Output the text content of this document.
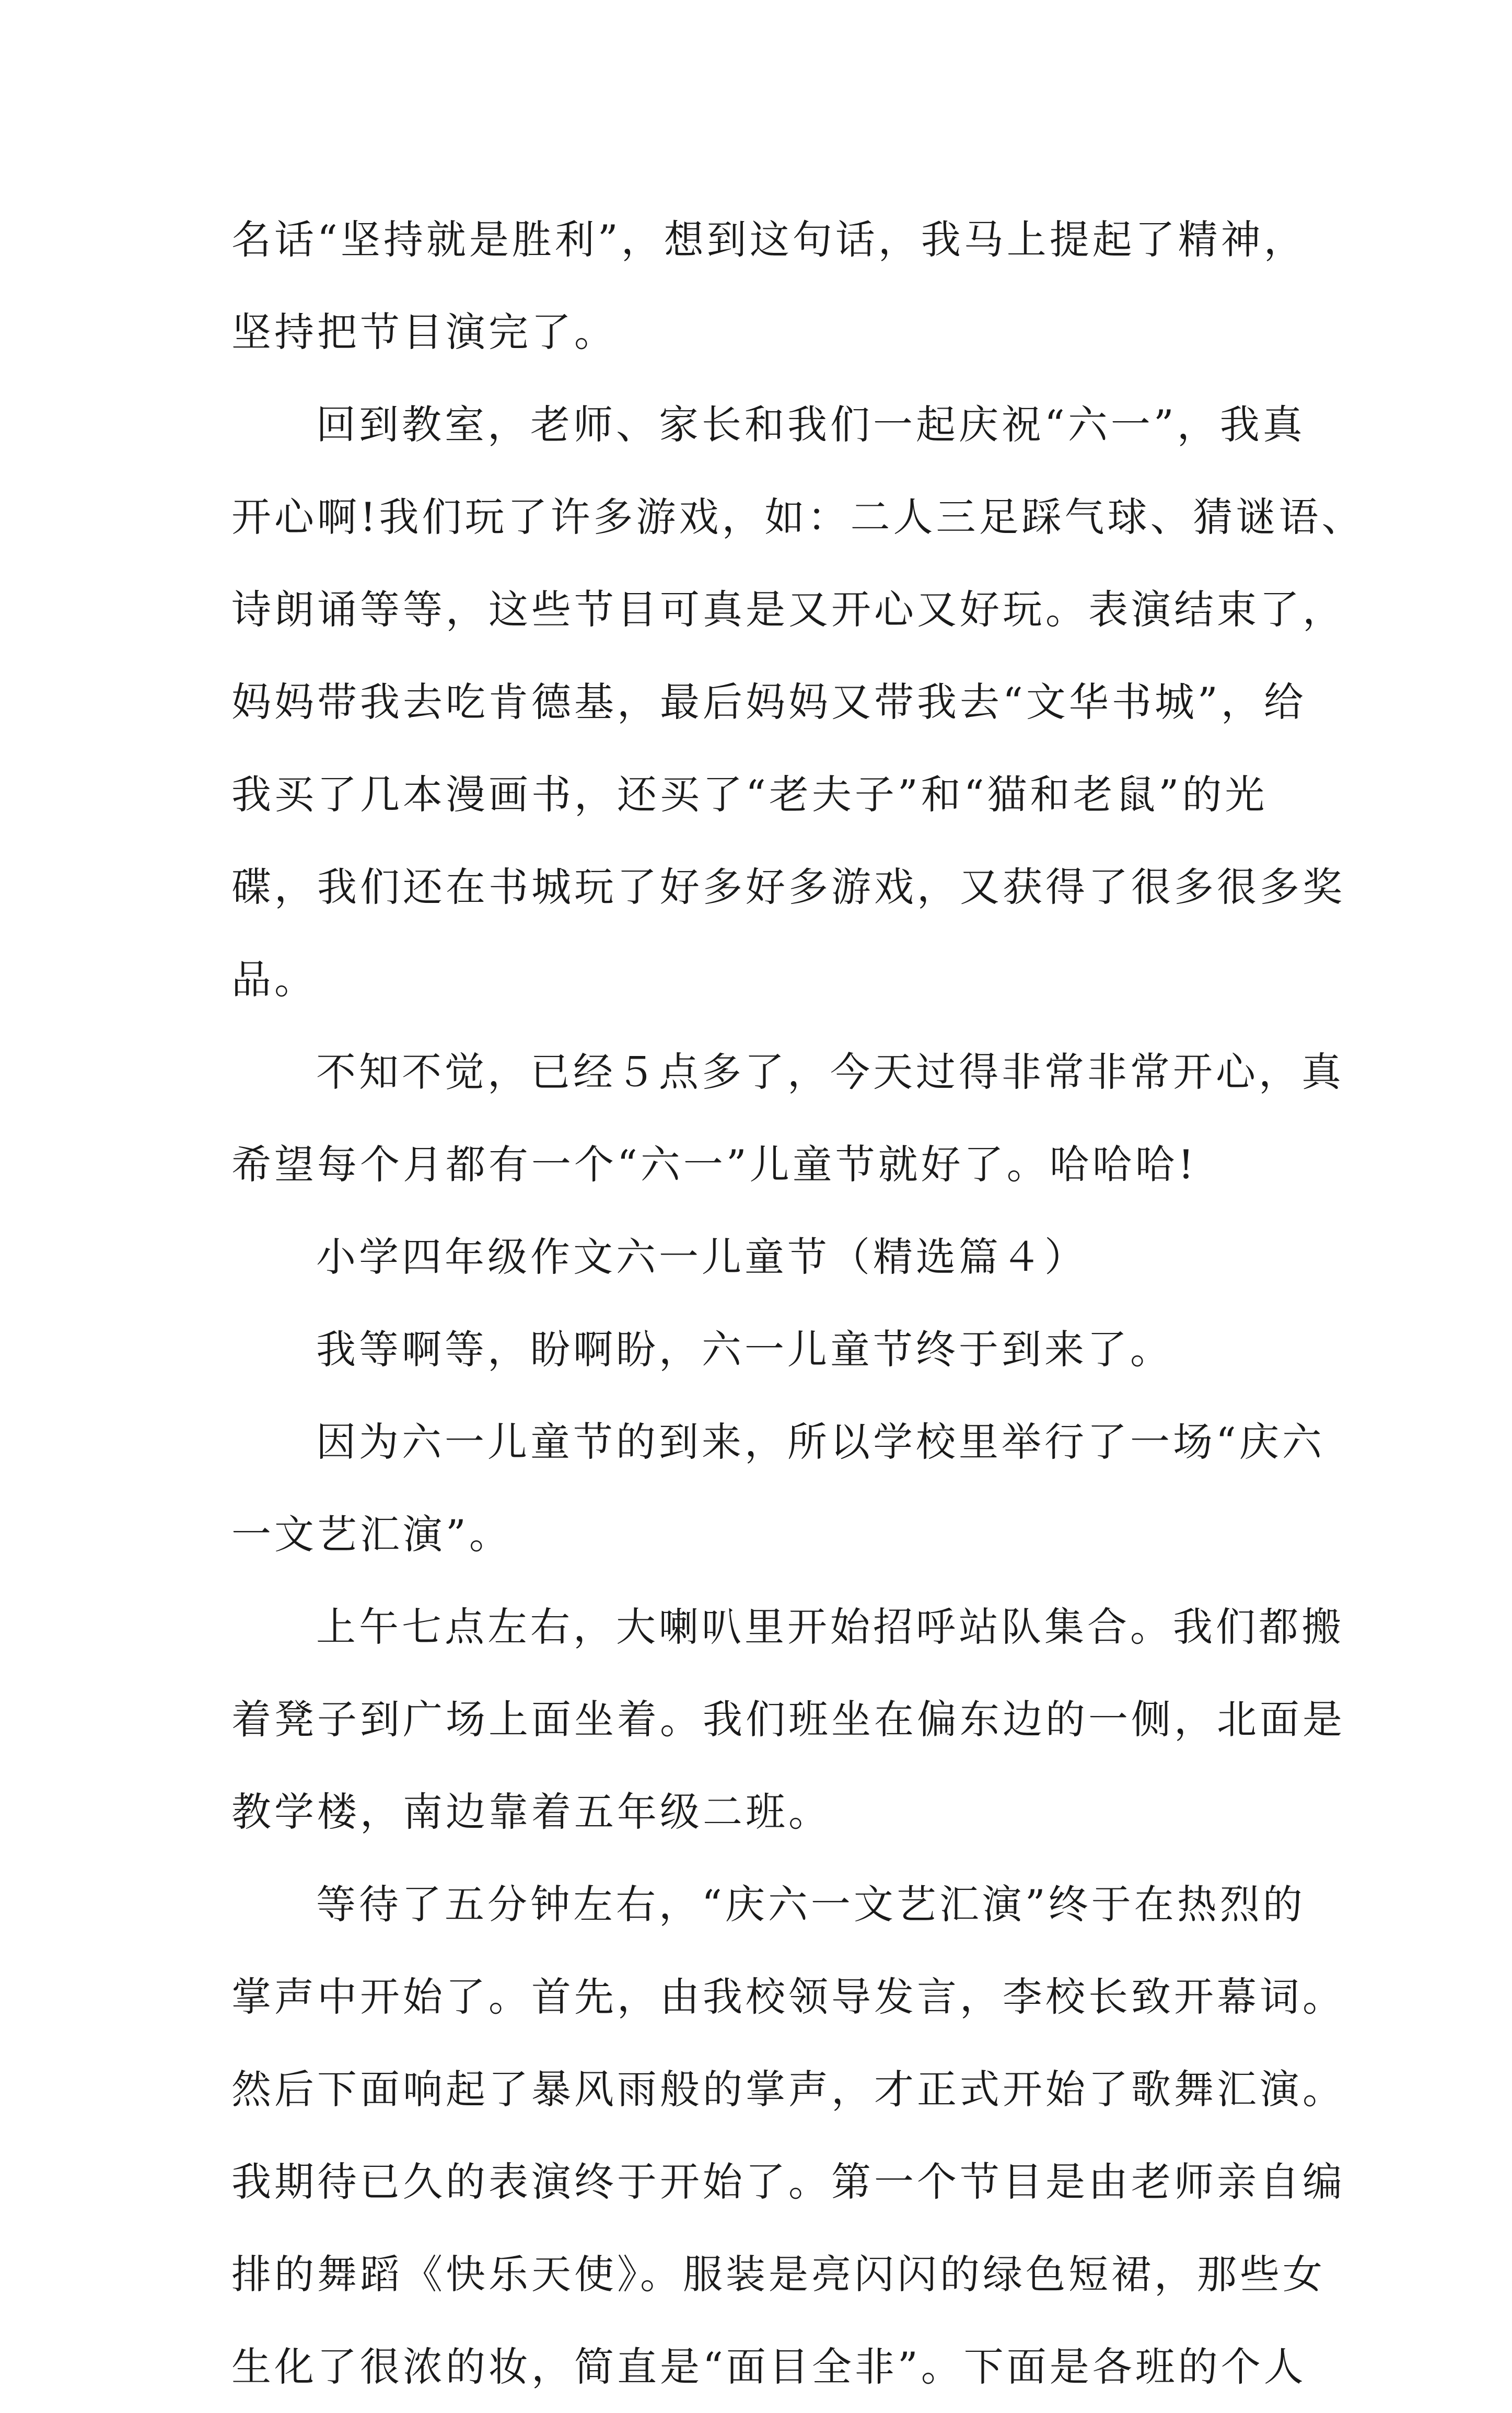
名话“坚持就是胜利”，想到这句话，我马上提起了精神，
坚持把节目演完了。
回到教室，老师、家长和我们一起庆祝“六一”，我真
开心啊!我们玩了许多游戏，如：二人三足踩气球、猜谜语、
诗朗诵等等，这些节目可真是又开心又好玩。表演结束了，
妈妈带我去吃肯德基，最后妈妈又带我去“文华书城”，给
我买了几本漫画书，还买了“老夫子”和“猫和老鼠”的光
碟，我们还在书城玩了好多好多游戏，又获得了很多很多奖
品。
不知不觉，已经５点多了，今天过得非常非常开心，真
希望每个月都有一个“六一”儿童节就好了。哈哈哈!
小学四年级作文六一儿童节（精选篇４）
我等啊等，盼啊盼，六一儿童节终于到来了。
因为六一儿童节的到来，所以学校里举行了一场“庆六
一文艺汇演”。
上午七点左右，大喇叭里开始招呼站队集合。我们都搬
着凳子到广场上面坐着。我们班坐在偏东边的一侧，北面是
教学楼，南边靠着五年级二班。
等待了五分钟左右，“庆六一文艺汇演”终于在热烈的
掌声中开始了。首先，由我校领导发言，李校长致开幕词。
然后下面响起了暴风雨般的掌声，才正式开始了歌舞汇演。
我期待已久的表演终于开始了。第一个节目是由老师亲自编
排的舞蹈《快乐天使》。服装是亮闪闪的绿色短裙，那些女
生化了很浓的妆，简直是“面目全非”。下面是各班的个人
